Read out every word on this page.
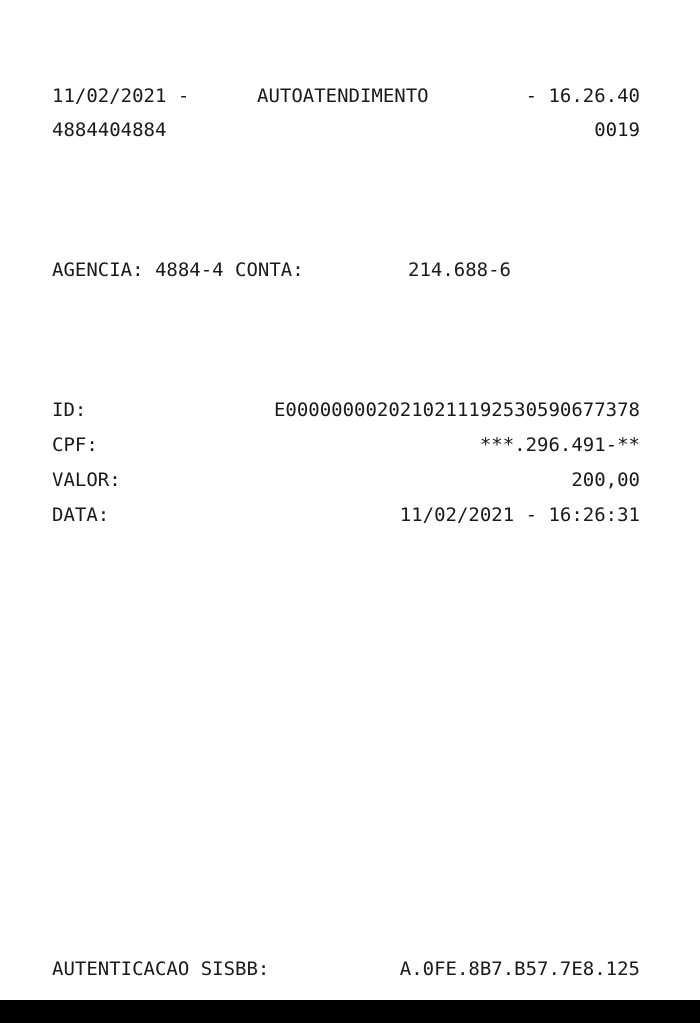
11/02/2021 -

	AUTOATENDIMENTO

	- 16.26.40

4884404884

	0019

AGENCIA: 4884-4 CONTA:

	214.688-6

ID:

	E0000000020210211192530590677378

CPF:

	***.296.491-**

VALOR:

	200,00

DATA:

	11/02/2021 - 16:26:31

AUTENTICACAO SISBB:

	A.0FE.8B7.B57.7E8.125
